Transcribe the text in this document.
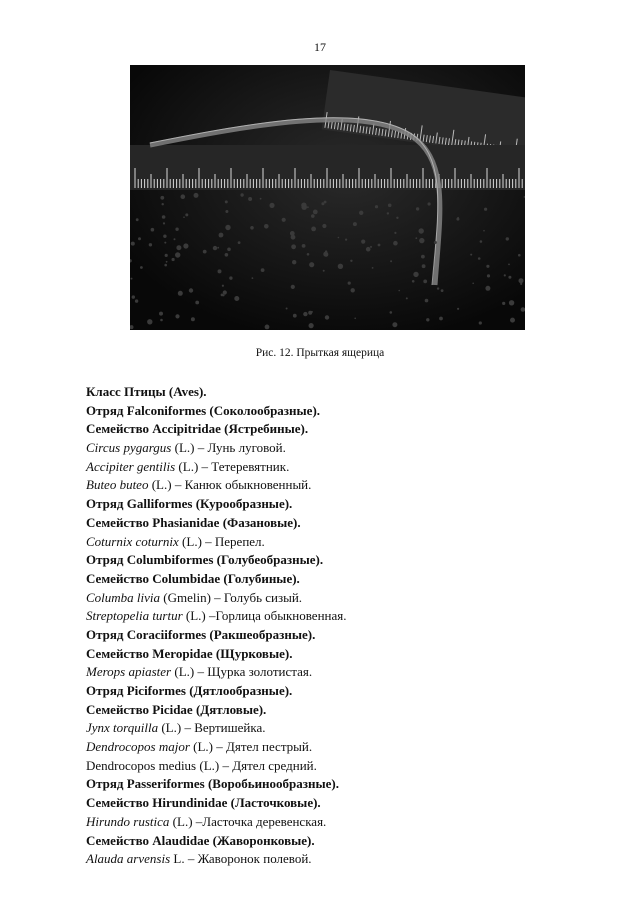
17
Рис. 12. Прыткая ящерица
Класс Птицы (Aves).
Отряд Falconiformes (Соколообразные).
Семейство Accipitridae (Ястребиные).
Circus pygargus (L.) – Лунь луговой.
Accipiter gentilis (L.) – Тетеревятник.
Buteo buteo (L.) – Канюк обыкновенный.
Отряд Galliformes (Курообразные).
Семейство Phasianidae (Фазановые).
Coturnix coturnix (L.) – Перепел.
Отряд Columbiformes (Голубеобразные).
Семейство Columbidae (Голубиные).
Columba livia (Gmelin) – Голубь сизый.
Streptopelia turtur (L.) –Горлица обыкновенная.
Отряд Coraciiformes (Ракшеобразные).
Семейство Meropidae (Щурковые).
Merops apiaster (L.) – Щурка золотистая.
Отряд Piciformes (Дятлообразные).
Семейство Picidae (Дятловые).
Jynx torquilla (L.) – Вертишейка.
Dendrocopos major (L.) – Дятел пестрый.
Dendrocopos medius (L.) – Дятел средний.
Отряд Passeriformes (Воробьинообразные).
Семейство Hirundinidae (Ласточковые).
Hirundo rustica (L.) –Ласточка деревенская.
Семейство Alaudidae (Жаворонковые).
Alauda arvensis L. – Жаворонок полевой.
